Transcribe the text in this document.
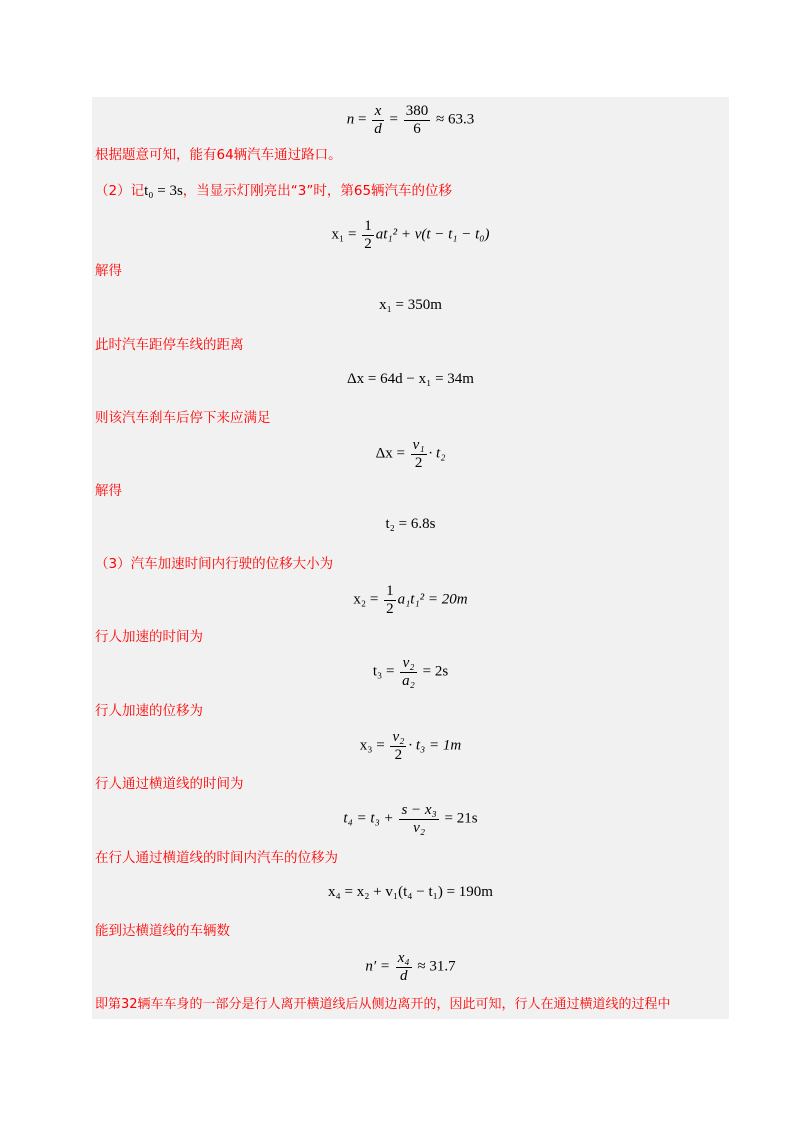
$n = \frac{x}{d} = \frac{380}{6} \approx 63.3$
根据题意可知，能有64辆汽车通过路口。
（2）记t₀ = 3s，当显示灯刚亮出“3”时，第65辆汽车的位移
$x_1 = \frac{1}{2} at_1^2 + v(t - t_1 - t_0)$
解得
x₁ = 350m
此时汽车距停车线的距离
Δx = 64d − x₁ = 34m
则该汽车刹车后停下来应满足
$\Delta x = \frac{\text{v₁}}{2} \cdot t_2$
解得
t₂ = 6.8s
（3）汽车加速时间内行驶的位移大小为
$x_2 = \frac{1}{2} a_1t_1^2 = 20m$
行人加速的时间为
$t_3 = \frac{\text{v₂}}{\text{a₂}} = 2s$
行人加速的位移为
$x_3 = \frac{\text{v₂}}{2} \cdot t_3 = 1m$
行人通过横道线的时间为
$t_4 = t_3 + \frac{\text{s − x₃}}{\text{v₂}} = 21s$
在行人通过横道线的时间内汽车的位移为
x₄ = x₂ + v₁(t₄ − t₁) = 190m
能到达横道线的车辆数
$n' = \frac{\text{x₄}}{d} \approx 31.7$
即第32辆车车身的一部分是行人离开横道线后从侧边离开的，因此可知，行人在通过横道线的过程中
